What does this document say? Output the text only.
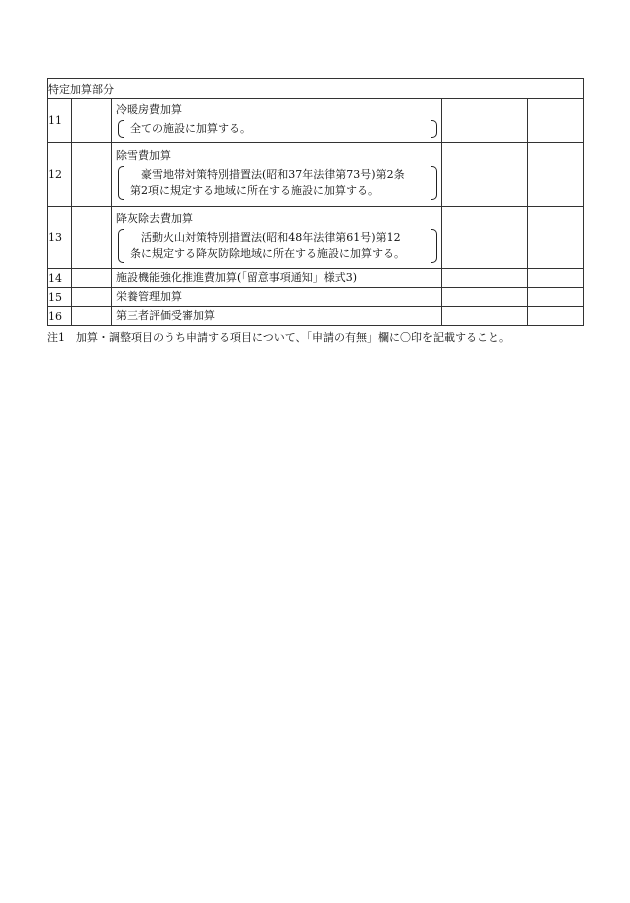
特定加算部分				
11		冷暖房費加算
全ての施設に加算する。		

12		除雪費加算
豪雪地帯対策特別措置法(昭和37年法律第73号)第2条
第2項に規定する地域に所在する施設に加算する。		

13		降灰除去費加算
活動火山対策特別措置法(昭和48年法律第61号)第12
条に規定する降灰防除地域に所在する施設に加算する。		

14		施設機能強化推進費加算(「留意事項通知」様式3)		

15		栄養管理加算		

16		第三者評価受審加算		

注1　加算・調整項目のうち申請する項目について、「申請の有無」欄に〇印を記載すること。
